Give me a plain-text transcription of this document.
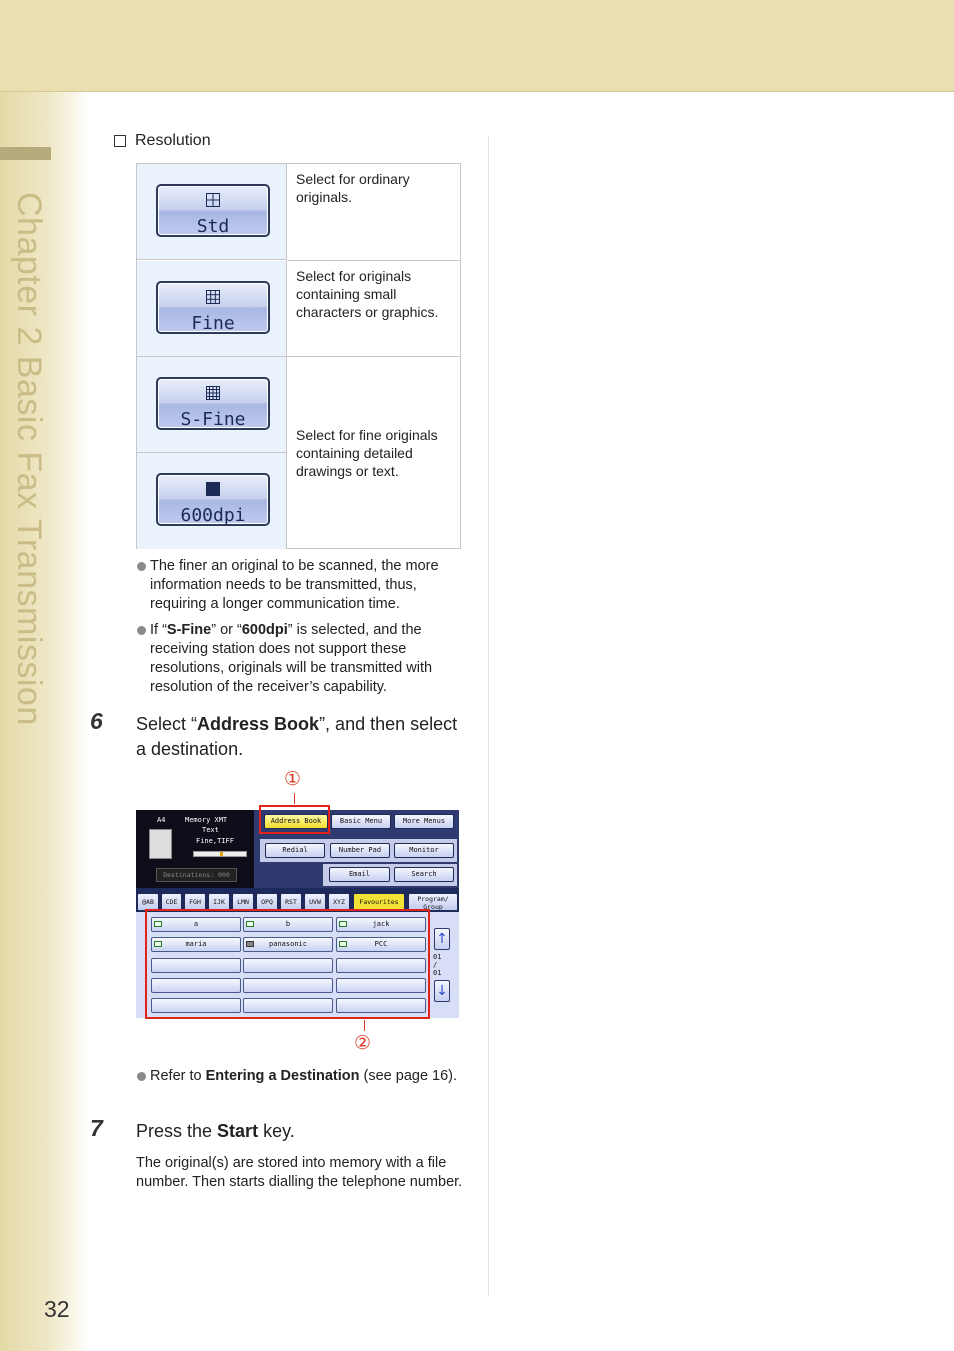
Chapter 2 Basic Fax Transmission
32
Resolution
Std
Select for ordinary originals.
Fine
Select for originals containing small characters or graphics.
S-Fine
600dpi
Select for fine originals containing detailed drawings or text.
The finer an original to be scanned, the more information needs to be transmitted, thus, requiring a longer communication time.
If “S-Fine” or “600dpi” is selected, and the receiving station does not support these resolutions, originals will be transmitted with resolution of the receiver’s capability.
6 Select “Address Book”, and then select a destination.
①
A4	Memory XMT
Text
Fine,TIFF
Destinations: 000
Address Book	Basic Menu	More Menus
Redial	Number Pad	Monitor
Email	Search
@AB	CDE	FGH	IJK	LMN	OPQ	RST	UVW	XYZ	Favourites	Program/ Group
a	b	jack
maria	panasonic	PCC	↑
01 / 01
↓
②
Refer to Entering a Destination (see page 16).
7 Press the Start key.
The original(s) are stored into memory with a file number. Then starts dialling the telephone number.
